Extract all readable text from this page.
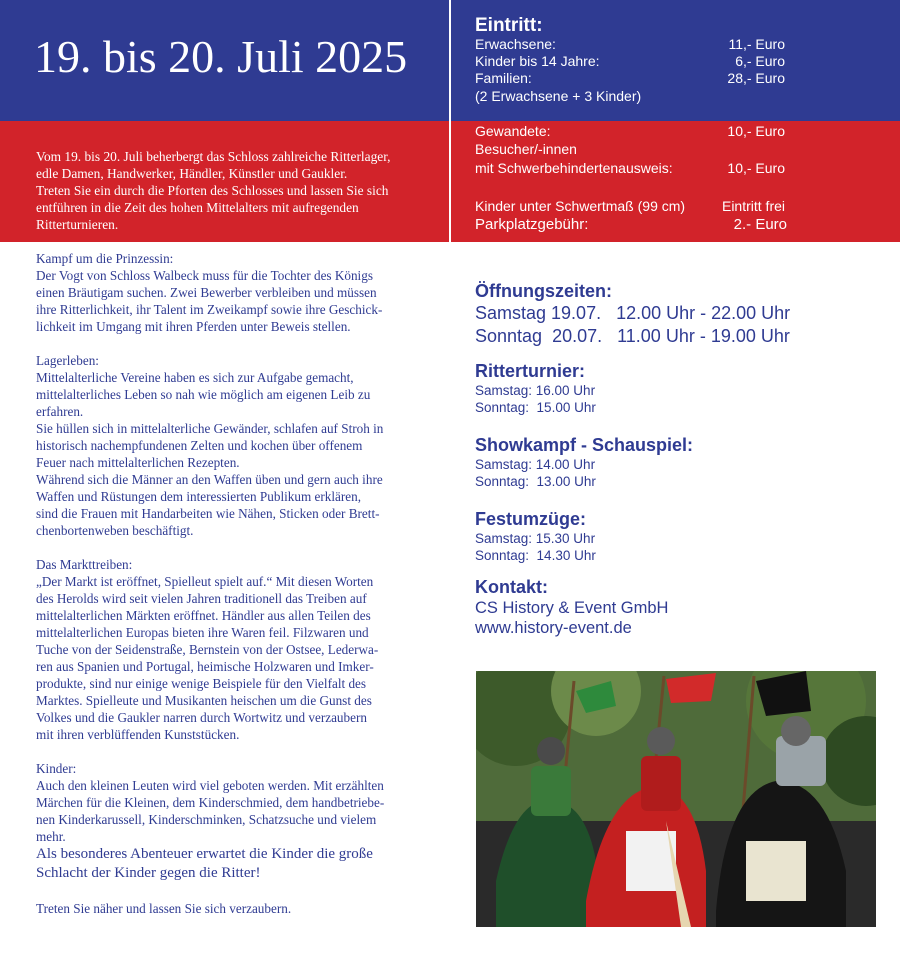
19. bis 20. Juli 2025

Vom 19. bis 20. Juli beherbergt das Schloss zahlreiche Ritterlager,

edle Damen, Handwerker, Händler, Künstler und Gaukler.

Treten Sie ein durch die Pforten des Schlosses und lassen Sie sich

entführen in die Zeit des hohen Mittelalters mit aufregenden

Ritterturnieren.

Eintritt:
Erwachsene:	11,- Euro
Kinder bis 14 Jahre:	6,- Euro
Familien:	28,- Euro
(2 Erwachsene + 3 Kinder)
Gewandete:	10,- Euro
Besucher/-innen
mit Schwerbehindertenausweis:	10,- Euro
Kinder unter Schwertmaß (99 cm)	Eintritt frei
Parkplatzgebühr:	2.- Euro

Kampf um die Prinzessin:

Der Vogt von Schloss Walbeck muss für die Tochter des Königs

einen Bräutigam suchen. Zwei Bewerber verbleiben und müssen

ihre Ritterlichkeit, ihr Talent im Zweikampf sowie ihre Geschick-

lichkeit im Umgang mit ihren Pferden unter Beweis stellen.

Lagerleben:

Mittelalterliche Vereine haben es sich zur Aufgabe gemacht,

mittelalterliches Leben so nah wie möglich am eigenen Leib zu

erfahren.

Sie hüllen sich in mittelalterliche Gewänder, schlafen auf Stroh in

historisch nachempfundenen Zelten und kochen über offenem

Feuer nach mittelalterlichen Rezepten.

Während sich die Männer an den Waffen üben und gern auch ihre

Waffen und Rüstungen dem interessierten Publikum erklären,

sind die Frauen mit Handarbeiten wie Nähen, Sticken oder Brett-

chenbortenweben beschäftigt.

Das Markttreiben:

„Der Markt ist eröffnet, Spielleut spielt auf.“ Mit diesen Worten

des Herolds wird seit vielen Jahren traditionell das Treiben auf

mittelalterlichen Märkten eröffnet. Händler aus allen Teilen des

mittelalterlichen Europas bieten ihre Waren feil. Filzwaren und

Tuche von der Seidenstraße, Bernstein von der Ostsee, Lederwa-

ren aus Spanien und Portugal, heimische Holzwaren und Imker-

produkte, sind nur einige wenige Beispiele für den Vielfalt des

Marktes. Spielleute und Musikanten heischen um die Gunst des

Volkes und die Gaukler narren durch Wortwitz und verzaubern

mit ihren verblüffenden Kunststücken.

Kinder:

Auch den kleinen Leuten wird viel geboten werden. Mit erzählten

Märchen für die Kleinen, dem Kinderschmied, dem handbetriebe-

nen Kinderkarussell, Kinderschminken, Schatzsuche und vielem

mehr.

Als besonderes Abenteuer erwartet die Kinder die große

Schlacht der Kinder gegen die Ritter!

Treten Sie näher und lassen Sie sich verzaubern.

Öffnungszeiten:

Samstag 19.07.   12.00 Uhr - 22.00 Uhr

Sonntag  20.07.   11.00 Uhr - 19.00 Uhr

Ritterturnier:

Samstag: 16.00 Uhr

Sonntag:  15.00 Uhr

Showkampf - Schauspiel:

Samstag: 14.00 Uhr

Sonntag:  13.00 Uhr

Festumzüge:

Samstag: 15.30 Uhr

Sonntag:  14.30 Uhr

Kontakt:

CS History & Event GmbH

www.history-event.de
